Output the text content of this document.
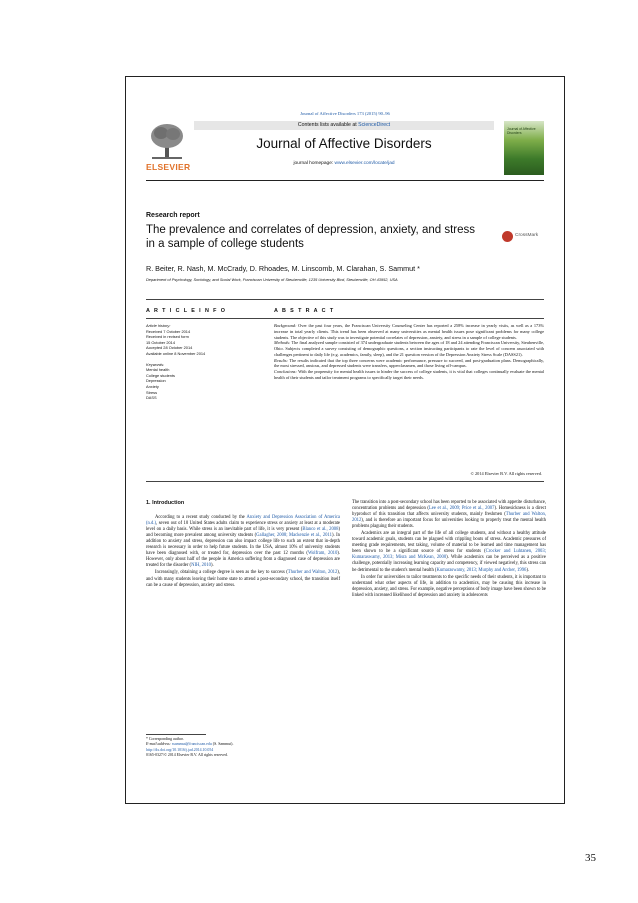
Journal of Affective Disorders 173 (2015) 90–96
ELSEVIER
Contents lists available at ScienceDirect
Journal of Affective Disorders
journal homepage: www.elsevier.com/locate/jad
Journal of Affective Disorders
Research report
The prevalence and correlates of depression, anxiety, and stress in a sample of college students
CrossMark
R. Beiter, R. Nash, M. McCrady, D. Rhoades, M. Linscomb, M. Clarahan, S. Sammut *
Department of Psychology, Sociology, and Social Work, Franciscan University of Steubenville, 1235 University Blvd, Steubenville, OH 43952, USA
A R T I C L E I N F O	A B S T R A C T
Article history:
Received 7 October 2014
Received in revised form
15 October 2014
Accepted 28 October 2014
Available online 8 November 2014
Keywords:
Mental health
College students
Depression
Anxiety
Stress
DASS

Background: Over the past four years, the Franciscan University Counseling Center has reported a 258% increase in yearly visits, as well as a 173% increase in total yearly clients. This trend has been observed at many universities as mental health issues pose significant problems for many college students. The objective of this study was to investigate potential correlates of depression, anxiety, and stress in a sample of college students.

Methods: The final analyzed sample consisted of 374 undergraduate students between the ages of 18 and 24 attending Franciscan University, Steubenville, Ohio. Subjects completed a survey consisting of demographic questions, a section instructing participants to rate the level of concern associated with challenges pertinent to daily life (e.g. academics, family, sleep), and the 21 question version of the Depression Anxiety Stress Scale (DASS21).

Results: The results indicated that the top three concerns were academic performance, pressure to succeed, and post-graduation plans. Demographically, the most stressed, anxious, and depressed students were transfers, upperclassmen, and those living off-campus.

Conclusions: With the propensity for mental health issues to hinder the success of college students, it is vital that colleges continually evaluate the mental health of their students and tailor treatment programs to specifically target their needs.

© 2014 Elsevier B.V. All rights reserved.

1. Introduction

According to a recent study conducted by the Anxiety and Depression Association of America (n.d.), seven out of 10 United States adults claim to experience stress or anxiety at least at a moderate level on a daily basis. While stress is an inevitable part of life, it is very present (Blanco et al., 2008) and becoming more prevalent among university students (Gallagher, 2008; Mackenzie et al., 2011). In addition to anxiety and stress, depression can also impact college life to such an extent that in-depth research is necessary in order to help future students. In the USA, almost 10% of university students have been diagnosed with, or treated for, depression over the past 12 months (Wolfram, 2010). However, only about half of the people in America suffering from a diagnosed case of depression are treated for the disorder (NIH, 2010).

Increasingly, obtaining a college degree is seen as the key to success (Thurber and Walton, 2012), and with many students leaving their home state to attend a post-secondary school, the transition itself can be a cause of depression, anxiety and stress.

The transition into a post-secondary school has been reported to be associated with appetite disturbance, concentration problems and depression (Lee et al., 2009; Price et al., 2007). Homesickness is a direct byproduct of this transition that affects university students, mainly freshmen (Thurber and Walton, 2012), and is therefore an important focus for universities looking to properly treat the mental health problems plaguing their students.

Academics are an integral part of the life of all college students, and without a healthy attitude toward academic goals, students can be plagued with crippling bouts of stress. Academic pressures of meeting grade requirements, test taking, volume of material to be learned and time management has been shown to be a significant source of stress for students (Crocker and Luhtanen, 2003; Kumaraswamy, 2013; Misra and McKean, 2000). While academics can be perceived as a positive challenge, potentially increasing learning capacity and competency, if viewed negatively, this stress can be detrimental to the student's mental health (Kumaraswamy, 2013; Murphy and Archer, 1996).

In order for universities to tailor treatments to the specific needs of their students, it is important to understand what other aspects of life, in addition to academics, may be causing this increase in depression, anxiety, and stress. For example, negative perceptions of body image have been shown to be linked with increased likelihood of depression and anxiety in adolescents

* Corresponding author.
E-mail address: ssammut@franciscan.edu (S. Sammut).
http://dx.doi.org/10.1016/j.jad.2014.10.054
0165-0327/© 2014 Elsevier B.V. All rights reserved.
35
